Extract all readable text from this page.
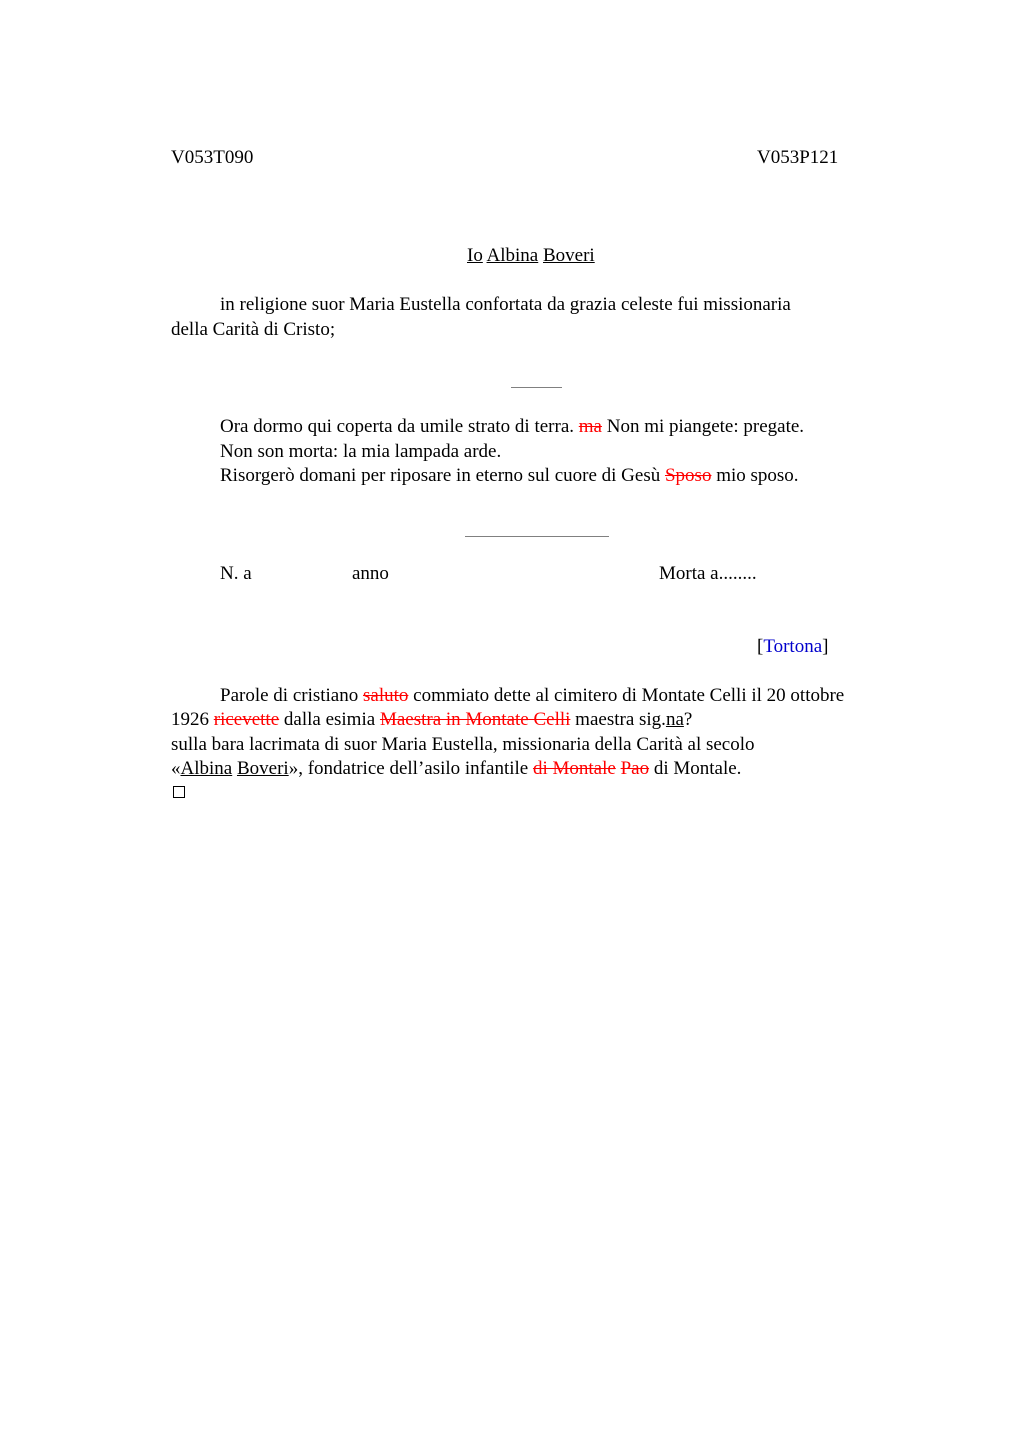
V053T090	V053P121
Io Albina Boveri
in religione suor Maria Eustella confortata da grazia celeste fui missionaria
della Carità di Cristo;
Ora dormo qui coperta da umile strato di terra. ma Non mi piangete: pregate.
Non son morta: la mia lampada arde.
Risorgerò domani per riposare in eterno sul cuore di Gesù Sposo mio sposo.
N. a	anno	Morta a........
[Tortona]
Parole di cristiano saluto commiato dette al cimitero di Montate Celli il 20 ottobre
1926 ricevette dalla esimia Maestra in Montate Celli maestra sig.na?
sulla bara lacrimata di suor Maria Eustella, missionaria della Carità al secolo
«Albina Boveri», fondatrice dell’asilo infantile di Montale Pao di Montale.
